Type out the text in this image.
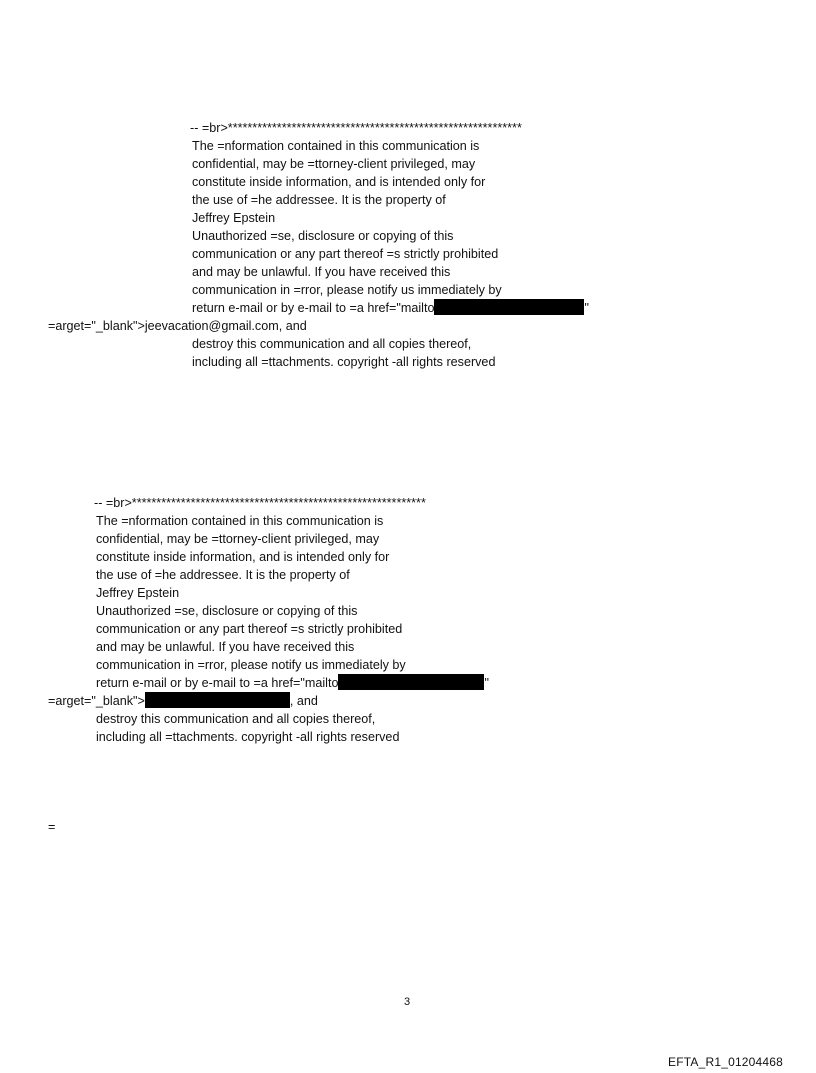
-- =br>************************************************************
The =nformation contained in this communication is
confidential, may be =ttorney-client privileged, may
constitute inside information, and is intended only for
the use of =he addressee. It is the property of
Jeffrey Epstein
Unauthorized =se, disclosure or copying of this
communication or any part thereof =s strictly prohibited
and may be unlawful. If you have received this
communication in =rror, please notify us immediately by
return e-mail or by e-mail to =a href="mailto	"
destroy this communication and all copies thereof,
including all =ttachments. copyright -all rights reserved
=arget="_blank">jeevacation@gmail.com, and
-- =br>************************************************************
The =nformation contained in this communication is
confidential, may be =ttorney-client privileged, may
constitute inside information, and is intended only for
the use of =he addressee. It is the property of
Jeffrey Epstein
Unauthorized =se, disclosure or copying of this
communication or any part thereof =s strictly prohibited
and may be unlawful. If you have received this
communication in =rror, please notify us immediately by
return e-mail or by e-mail to =a href="mailto	"
destroy this communication and all copies thereof,
including all =ttachments. copyright -all rights reserved
=arget="_blank">	, and
=
3
EFTA_R1_01204468
